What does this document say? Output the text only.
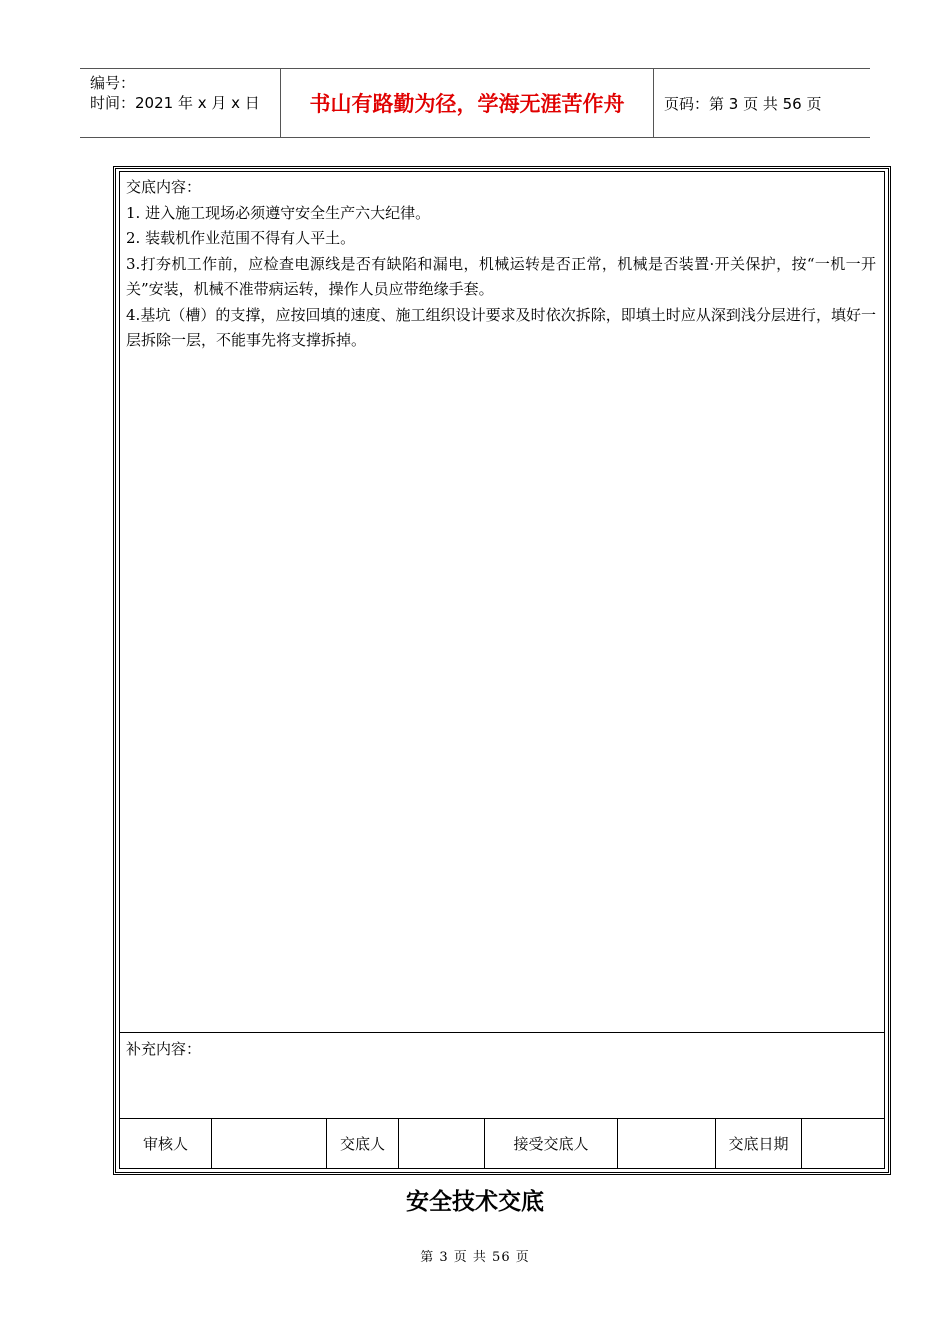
编号：
时间：2021 年 x 月 x 日	书山有路勤为径，学海无涯苦作舟	页码：第 3 页 共 56 页

交底内容：

1. 进入施工现场必须遵守安全生产六大纪律。

2. 装载机作业范围不得有人平土。

3.打夯机工作前，应检查电源线是否有缺陷和漏电，机械运转是否正常，机械是否装置·开关保护，按“一机一开关”安装，机械不准带病运转，操作人员应带绝缘手套。

4.基坑（槽）的支撑，应按回填的速度、施工组织设计要求及时依次拆除，即填土时应从深到浅分层进行，填好一层拆除一层，不能事先将支撑拆掉。

补充内容：
审核人	交底人	接受交底人	交底日期
安全技术交底
第 3 页 共 56 页
